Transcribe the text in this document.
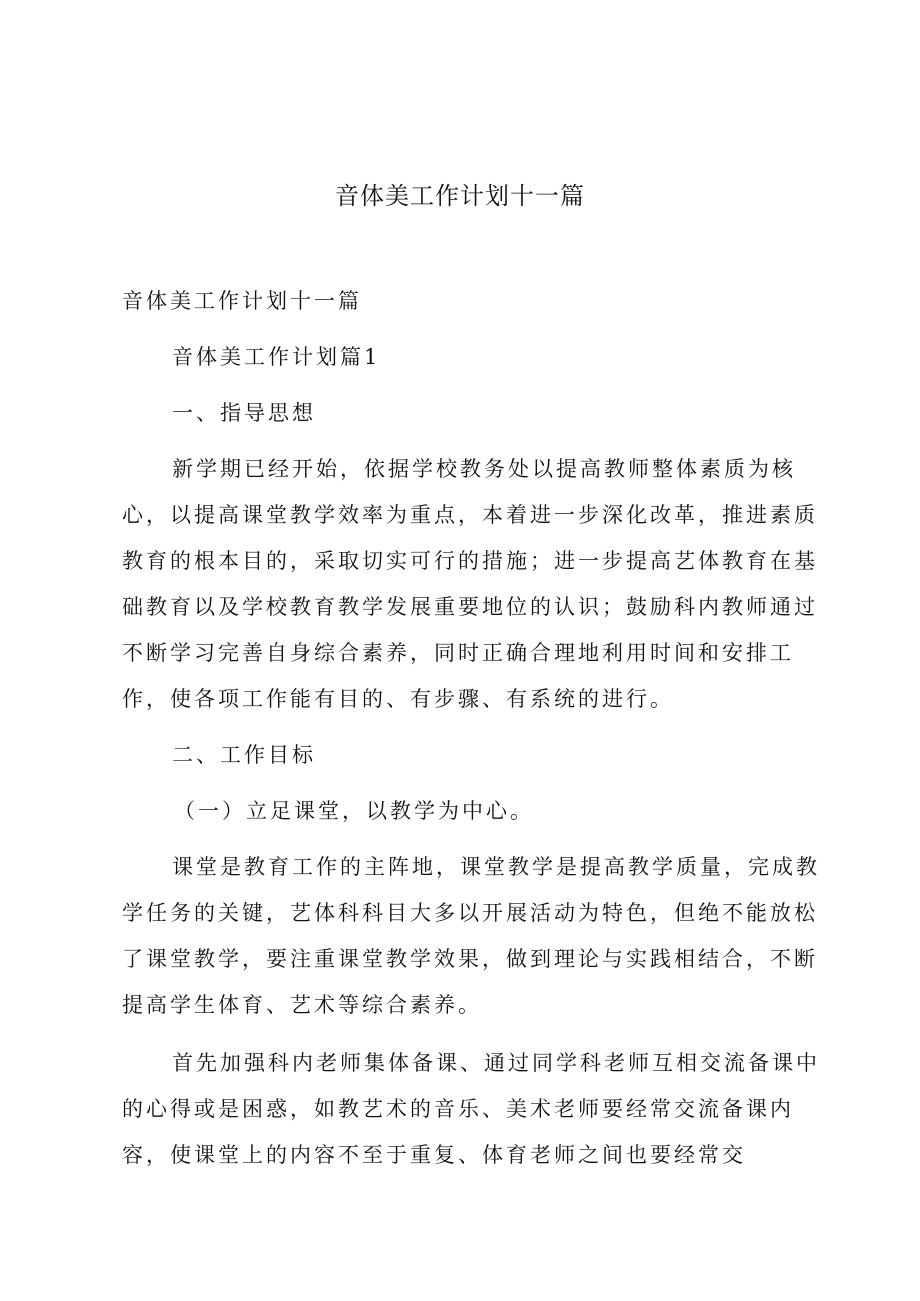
音体美工作计划十一篇

音体美工作计划十一篇

音体美工作计划篇1

一、指导思想

新学期已经开始，依据学校教务处以提高教师整体素质为核心，以提高课堂教学效率为重点，本着进一步深化改革，推进素质教育的根本目的，采取切实可行的措施；进一步提高艺体教育在基础教育以及学校教育教学发展重要地位的认识；鼓励科内教师通过不断学习完善自身综合素养，同时正确合理地利用时间和安排工作，使各项工作能有目的、有步骤、有系统的进行。

二、工作目标

（一）立足课堂，以教学为中心。

课堂是教育工作的主阵地，课堂教学是提高教学质量，完成教学任务的关键，艺体科科目大多以开展活动为特色，但绝不能放松了课堂教学，要注重课堂教学效果，做到理论与实践相结合，不断提高学生体育、艺术等综合素养。

首先加强科内老师集体备课、通过同学科老师互相交流备课中的心得或是困惑，如教艺术的音乐、美术老师要经常交流备课内容，使课堂上的内容不至于重复、体育老师之间也要经常交
